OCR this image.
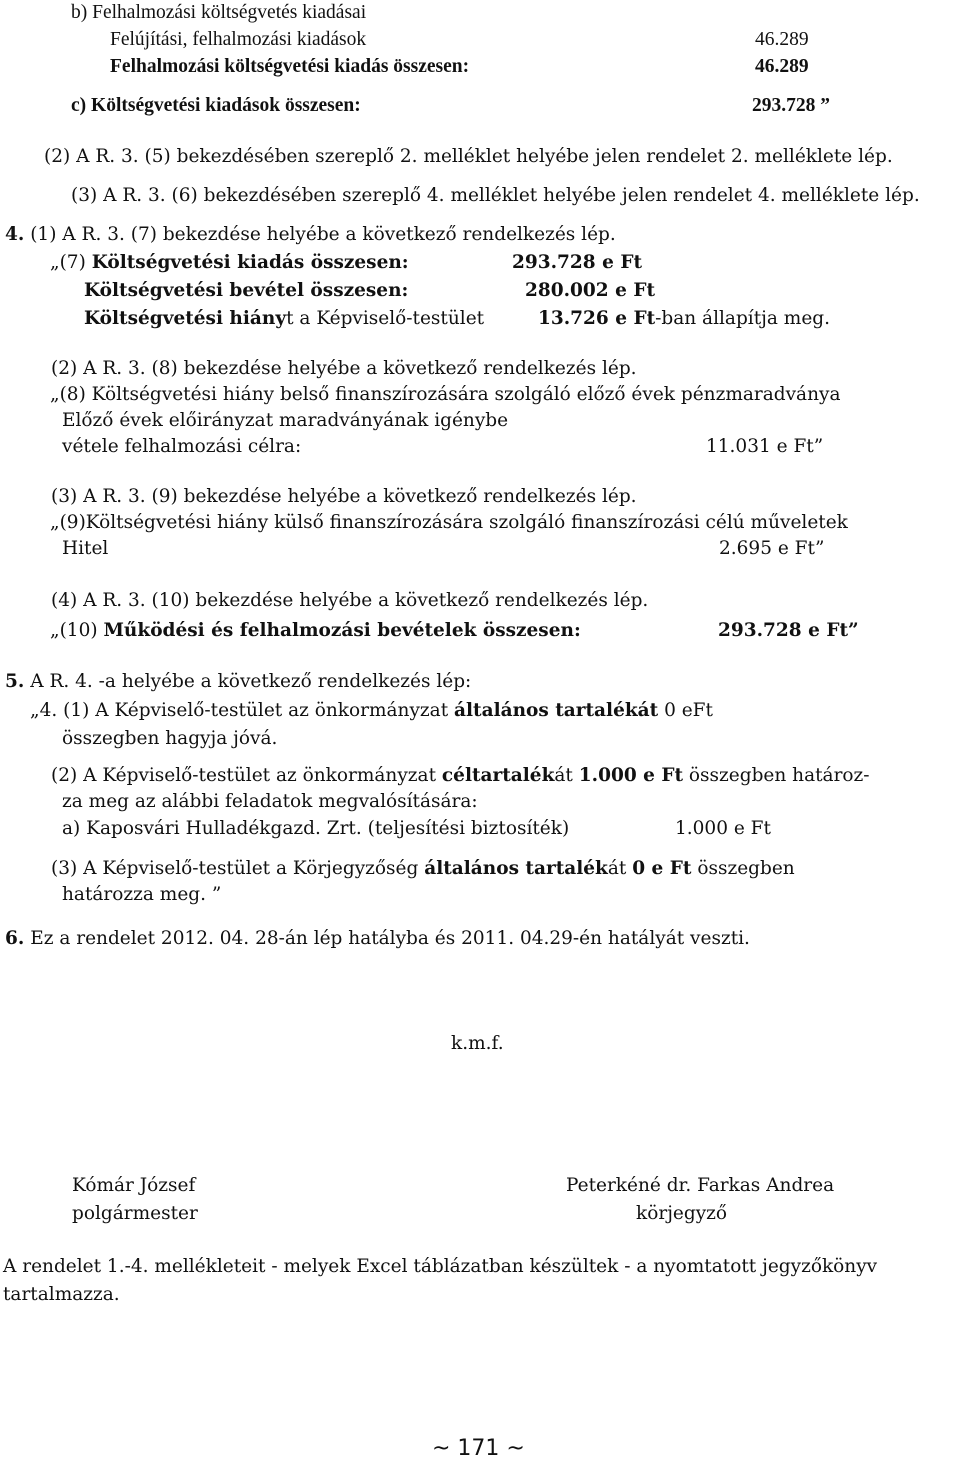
b) Felhalmozási költségvetés kiadásai
Felújítási, felhalmozási kiadások	46.289
Felhalmozási költségvetési kiadás összesen:	46.289
c) Költségvetési kiadások összesen:	293.728 ”
(2) A R. 3. (5) bekezdésében szereplő 2. melléklet helyébe jelen rendelet 2. melléklete lép.
(3) A R. 3. (6) bekezdésében szereplő 4. melléklet helyébe jelen rendelet 4. melléklete lép.
4. (1) A R. 3. (7) bekezdése helyébe a következő rendelkezés lép.
„(7) Költségvetési kiadás összesen:	293.728 e Ft
Költségvetési bevétel összesen:	280.002 e Ft
Költségvetési hiányt a Képviselő-testület	13.726 e Ft-ban állapítja meg.
(2) A R. 3. (8) bekezdése helyébe a következő rendelkezés lép.
„(8) Költségvetési hiány belső finanszírozására szolgáló előző évek pénzmaradványa
Előző évek előirányzat maradványának igénybe
vétele felhalmozási célra:	11.031 e Ft”
(3) A R. 3. (9) bekezdése helyébe a következő rendelkezés lép.
„(9)Költségvetési hiány külső finanszírozására szolgáló finanszírozási célú műveletek
Hitel	2.695 e Ft”
(4) A R. 3. (10) bekezdése helyébe a következő rendelkezés lép.
„(10) Működési és felhalmozási bevételek összesen:	293.728 e Ft”
5. A R. 4. -a helyébe a következő rendelkezés lép:
„4. (1) A Képviselő-testület az önkormányzat általános tartalékát 0 eFt
összegben hagyja jóvá.
(2) A Képviselő-testület az önkormányzat céltartalékát 1.000 e Ft összegben határoz-
za meg az alábbi feladatok megvalósítására:
a) Kaposvári Hulladékgazd. Zrt. (teljesítési biztosíték)	1.000 e Ft
(3) A Képviselő-testület a Körjegyzőség általános tartalékát 0 e Ft összegben
határozza meg. ”
6. Ez a rendelet 2012. 04. 28-án lép hatályba és 2011. 04.29-én hatályát veszti.
k.m.f.
Kómár József
polgármester
Peterkéné dr. Farkas Andrea
körjegyző
A rendelet 1.-4. mellékleteit - melyek Excel táblázatban készültek - a nyomtatott jegyzőkönyv
tartalmazza.
~ 171 ~
